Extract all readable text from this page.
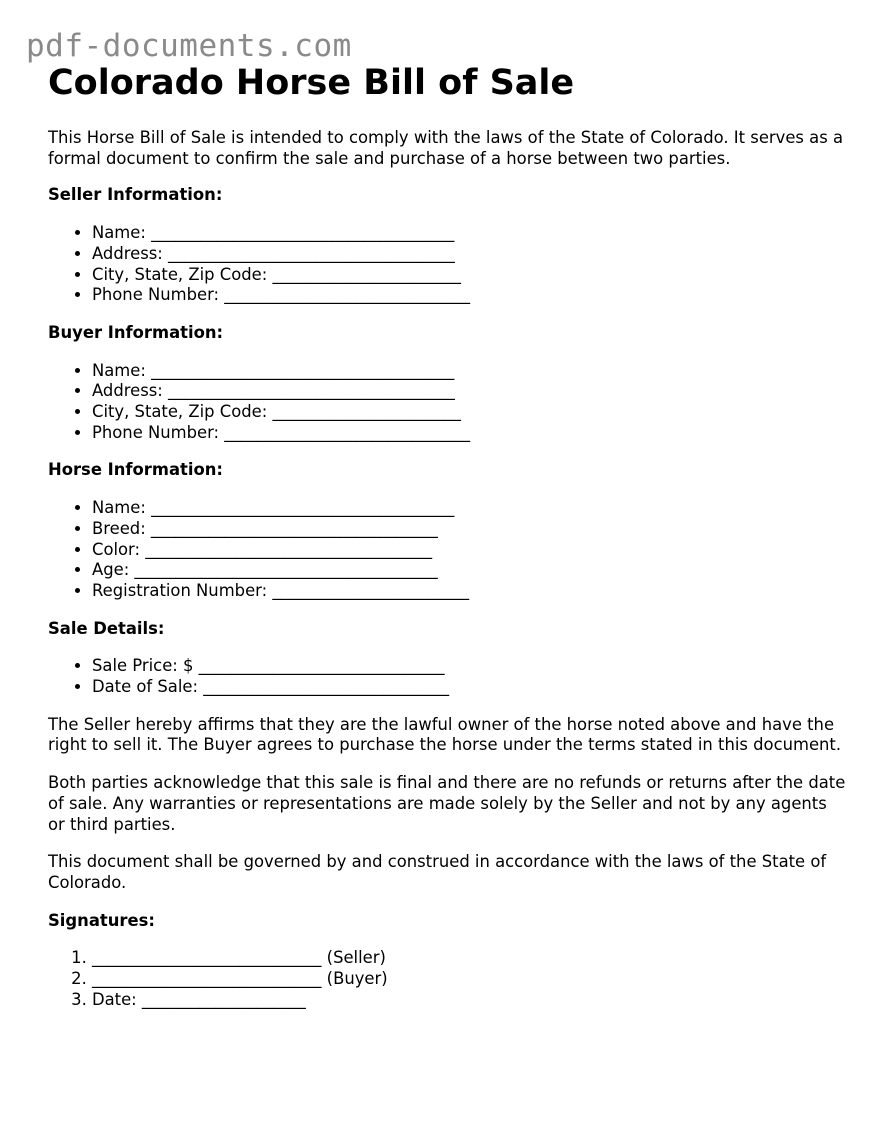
pdf-documents.com
Colorado Horse Bill of Sale

This Horse Bill of Sale is intended to comply with the laws of the State of Colorado. It serves as a formal document to confirm the sale and purchase of a horse between two parties.

Seller Information:
• Name: _____________________________________
• Address: ___________________________________
• City, State, Zip Code: _______________________
• Phone Number: ______________________________
Buyer Information:
• Name: _____________________________________
• Address: ___________________________________
• City, State, Zip Code: _______________________
• Phone Number: ______________________________
Horse Information:
• Name: _____________________________________
• Breed: ___________________________________
• Color: ___________________________________
• Age: _____________________________________
• Registration Number: ________________________
Sale Details:
• Sale Price: $ ______________________________
• Date of Sale: ______________________________

The Seller hereby affirms that they are the lawful owner of the horse noted above and have the right to sell it. The Buyer agrees to purchase the horse under the terms stated in this document.

Both parties acknowledge that this sale is final and there are no refunds or returns after the date of sale. Any warranties or representations are made solely by the Seller and not by any agents or third parties.

This document shall be governed by and construed in accordance with the laws of the State of Colorado.

Signatures:
1. ____________________________ (Seller)
2. ____________________________ (Buyer)
3. Date: ____________________
